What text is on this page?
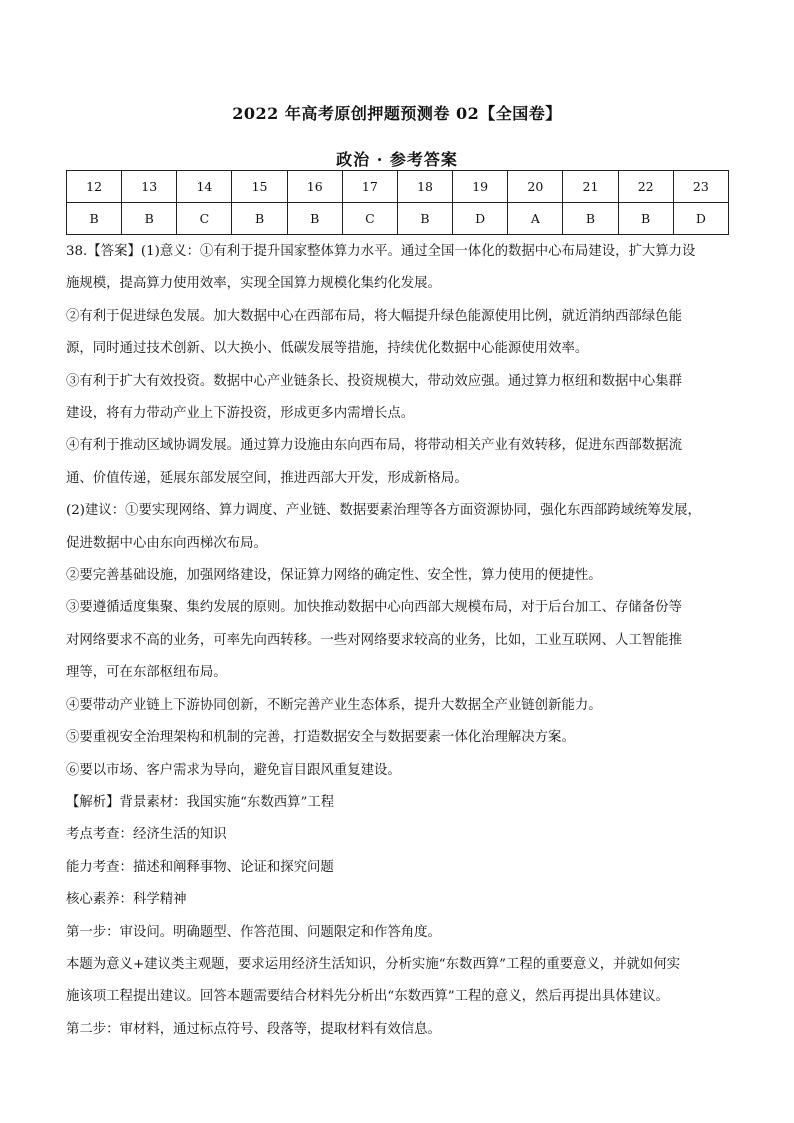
2022 年高考原创押题预测卷 02【全国卷】
政治 · 参考答案
12	13	14	15	16	17	18	19	20	21	22	23
B	B	C	B	B	C	B	D	A	B	B	D
38.【答案】(1)意义：①有利于提升国家整体算力水平。通过全国一体化的数据中心布局建设，扩大算力设
施规模，提高算力使用效率，实现全国算力规模化集约化发展。
②有利于促进绿色发展。加大数据中心在西部布局，将大幅提升绿色能源使用比例，就近消纳西部绿色能
源，同时通过技术创新、以大换小、低碳发展等措施，持续优化数据中心能源使用效率。
③有利于扩大有效投资。数据中心产业链条长、投资规模大，带动效应强。通过算力枢纽和数据中心集群
建设，将有力带动产业上下游投资，形成更多内需增长点。
④有利于推动区域协调发展。通过算力设施由东向西布局，将带动相关产业有效转移，促进东西部数据流
通、价值传递，延展东部发展空间，推进西部大开发，形成新格局。
(2)建议：①要实现网络、算力调度、产业链、数据要素治理等各方面资源协同，强化东西部跨域统筹发展，
促进数据中心由东向西梯次布局。
②要完善基础设施，加强网络建设，保证算力网络的确定性、安全性，算力使用的便捷性。
③要遵循适度集聚、集约发展的原则。加快推动数据中心向西部大规模布局，对于后台加工、存储备份等
对网络要求不高的业务，可率先向西转移。一些对网络要求较高的业务，比如，工业互联网、人工智能推
理等，可在东部枢纽布局。
④要带动产业链上下游协同创新，不断完善产业生态体系，提升大数据全产业链创新能力。
⑤要重视安全治理架构和机制的完善，打造数据安全与数据要素一体化治理解决方案。
⑥要以市场、客户需求为导向，避免盲目跟风重复建设。
【解析】背景素材：我国实施“东数西算”工程
考点考查：经济生活的知识
能力考查：描述和阐释事物、论证和探究问题
核心素养：科学精神
第一步：审设问。明确题型、作答范围、问题限定和作答角度。
本题为意义+建议类主观题，要求运用经济生活知识，分析实施“东数西算”工程的重要意义，并就如何实
施该项工程提出建议。回答本题需要结合材料先分析出“东数西算”工程的意义，然后再提出具体建议。
第二步：审材料，通过标点符号、段落等，提取材料有效信息。
